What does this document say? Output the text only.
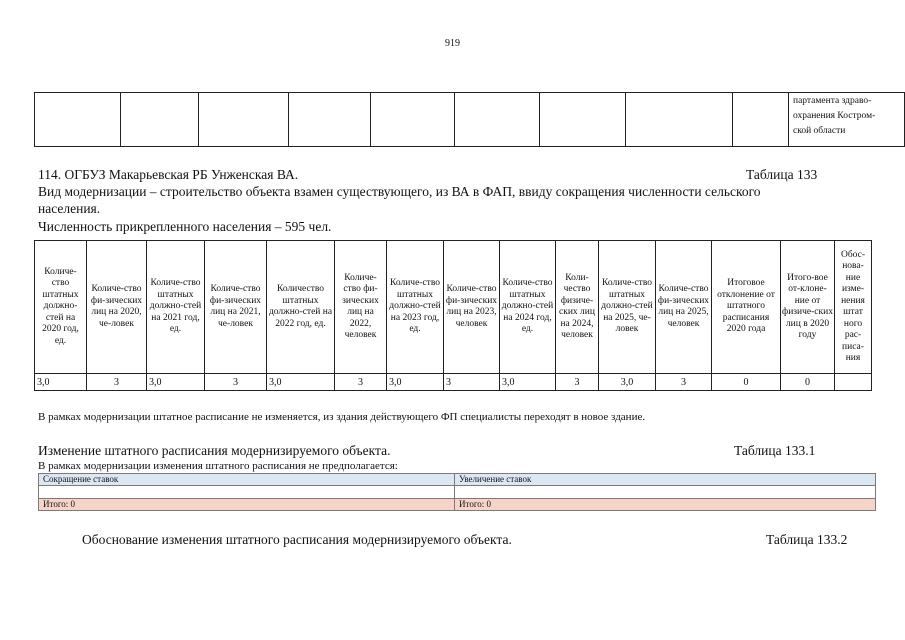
919

партамента здраво-
охранения Костром-
ской области
114. ОГБУЗ Макарьевская РБ Унженская ВА.	Таблица 133
Вид модернизации – строительство объекта взамен существующего, из ВА в ФАП, ввиду сокращения численности сельского
населения.
Численность прикрепленного населения – 595 чел.
Количе-ство штатных должно-стей на 2020 год, ед.	Количе-ство фи-зических лиц на 2020, че-ловек	Количе-ство штатных должно-стей на 2021 год, ед.	Количе-ство фи-зических лиц на 2021, че-ловек	Количество штатных должно-стей на 2022 год, ед.	Количе-ство фи-зических лиц на 2022, человек	Количе-ство штатных должно-стей на 2023 год, ед.	Количе-ство фи-зических лиц на 2023, человек	Количе-ство штатных должно-стей на 2024 год, ед.	Коли-чество физиче-ских лиц на 2024, человек	Количе-ство штатных должно-стей на 2025, че-ловек	Количе-ство фи-зических лиц на 2025, человек	Итоговое отклонение от штатного расписания 2020 года	Итого-вое от-клоне-ние от физиче-ских лиц в 2020 году	Обос-нова-ние изме-нения штат ного рас-писа-ния
3,0	3	3,0	3	3,0	3	3,0	3	3,0	3	3,0	3	0	0	
В рамках модернизации штатное расписание не изменяется, из здания действующего ФП специалисты переходят в новое здание.
Изменение штатного расписания модернизируемого объекта.	Таблица 133.1
В рамках модернизации изменения штатного расписания не предполагается:
Сокращение ставок	Увеличение ставок

Итого: 0	Итого: 0
Обоснование изменения штатного расписания модернизируемого объекта.	Таблица 133.2
